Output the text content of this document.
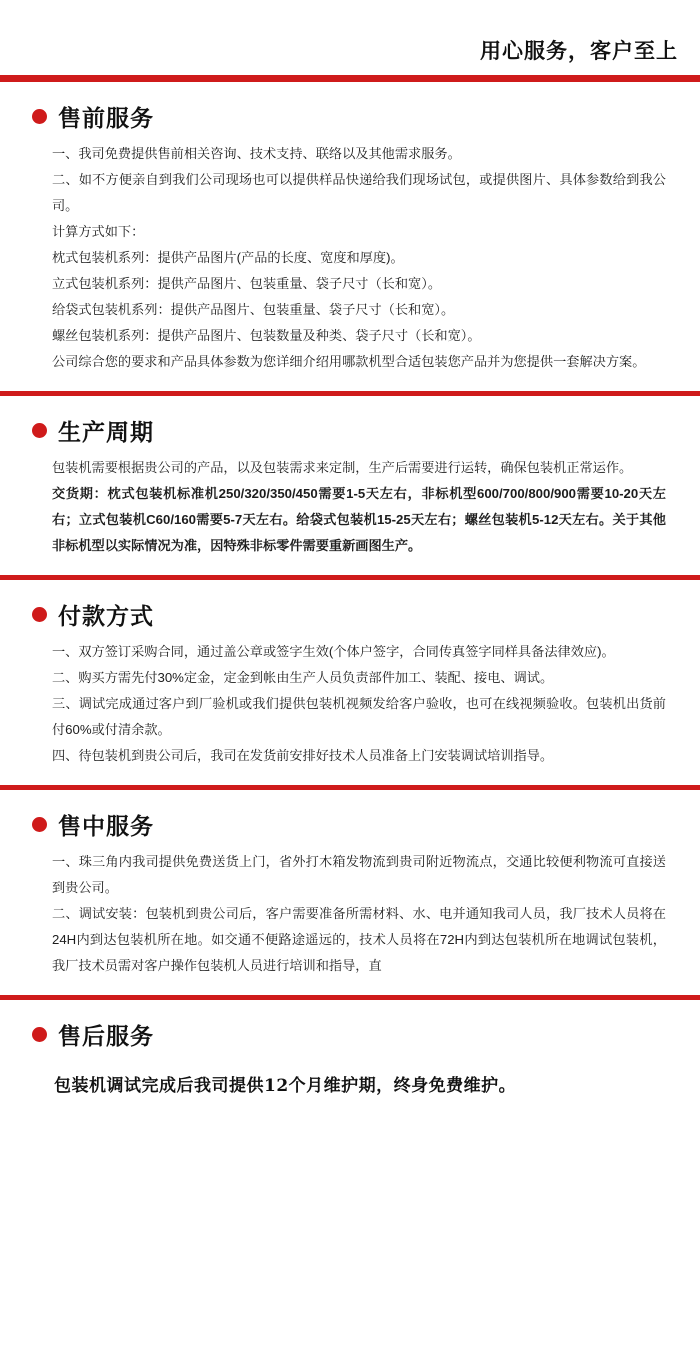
用心服务，客户至上
售前服务

一、我司免费提供售前相关咨询、技术支持、联络以及其他需求服务。

二、如不方便亲自到我们公司现场也可以提供样品快递给我们现场试包，或提供图片、具体参数给到我公司。

计算方式如下：

枕式包装机系列：提供产品图片(产品的长度、宽度和厚度)。

立式包装机系列：提供产品图片、包装重量、袋子尺寸（长和宽）。

给袋式包装机系列：提供产品图片、包装重量、袋子尺寸（长和宽）。

螺丝包装机系列：提供产品图片、包装数量及种类、袋子尺寸（长和宽）。

公司综合您的要求和产品具体参数为您详细介绍用哪款机型合适包装您产品并为您提供一套解决方案。

生产周期

包装机需要根据贵公司的产品，以及包装需求来定制，生产后需要进行运转，确保包装机正常运作。

交货期：枕式包装机标准机250/320/350/450需要1-5天左右，非标机型600/700/800/900需要10-20天左右；立式包装机C60/160需要5-7天左右。给袋式包装机15-25天左右；螺丝包装机5-12天左右。关于其他非标机型以实际情况为准，因特殊非标零件需要重新画图生产。

付款方式

一、双方签订采购合同，通过盖公章或签字生效(个体户签字，合同传真签字同样具备法律效应)。

二、购买方需先付30%定金，定金到帐由生产人员负责部件加工、装配、接电、调试。

三、调试完成通过客户到厂验机或我们提供包装机视频发给客户验收，也可在线视频验收。包装机出货前付60%或付清余款。

四、待包装机到贵公司后，我司在发货前安排好技术人员准备上门安装调试培训指导。

售中服务

一、珠三角内我司提供免费送货上门，省外打木箱发物流到贵司附近物流点，交通比较便利物流可直接送到贵公司。

二、调试安装：包装机到贵公司后，客户需要准备所需材料、水、电并通知我司人员，我厂技术人员将在24H内到达包装机所在地。如交通不便路途遥远的，技术人员将在72H内到达包装机所在地调试包装机，我厂技术员需对客户操作包装机人员进行培训和指导，直

售后服务
包装机调试完成后我司提供12个月维护期，终身免费维护。
